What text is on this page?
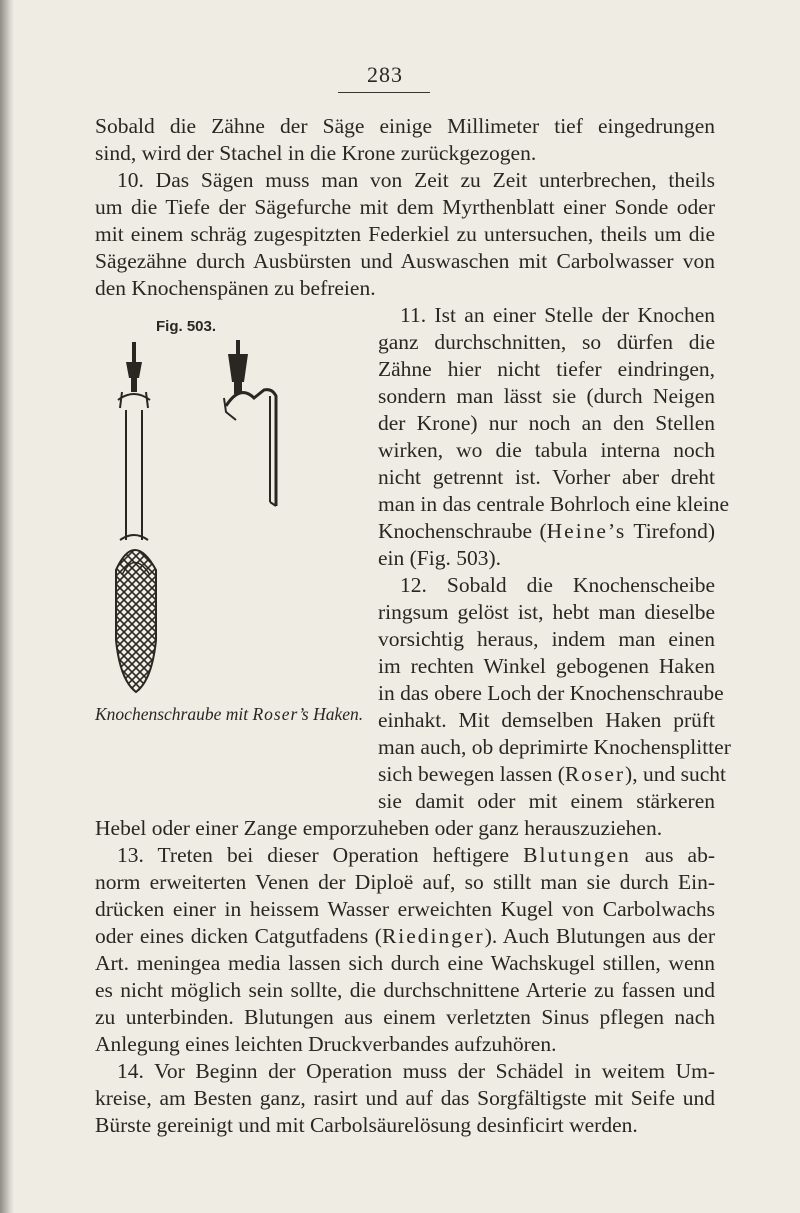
283
Sobald die Zähne der Säge einige Millimeter tief eingedrungen
sind, wird der Stachel in die Krone zurückgezogen.
10. Das Sägen muss man von Zeit zu Zeit unterbrechen, theils
um die Tiefe der Sägefurche mit dem Myrthenblatt einer Sonde oder
mit einem schräg zugespitzten Federkiel zu untersuchen, theils um die
Sägezähne durch Ausbürsten und Auswaschen mit Carbolwasser von
den Knochenspänen zu befreien.
Fig. 503.	11. Ist an einer Stelle der Knochen
ganz durchschnitten, so dürfen die
Zähne hier nicht tiefer eindringen,
sondern man lässt sie (durch Neigen
der Krone) nur noch an den Stellen
wirken, wo die tabula interna noch
nicht getrennt ist. Vorher aber dreht
man in das centrale Bohrloch eine kleine
Knochenschraube (Heine’s Tirefond)
ein (Fig. 503).
12. Sobald die Knochenscheibe
ringsum gelöst ist, hebt man dieselbe
vorsichtig heraus, indem man einen
im rechten Winkel gebogenen Haken
in das obere Loch der Knochenschraube
einhakt. Mit demselben Haken prüft
man auch, ob deprimirte Knochensplitter
Knochenschraube mit Roser’s Haken.
sich bewegen lassen (Roser), und sucht
sie damit oder mit einem stärkeren
Hebel oder einer Zange emporzuheben oder ganz herauszuziehen.
13. Treten bei dieser Operation heftigere Blutungen aus ab-
norm erweiterten Venen der Diploë auf, so stillt man sie durch Ein-
drücken einer in heissem Wasser erweichten Kugel von Carbolwachs
oder eines dicken Catgutfadens (Riedinger). Auch Blutungen aus der
Art. meningea media lassen sich durch eine Wachskugel stillen, wenn
es nicht möglich sein sollte, die durchschnittene Arterie zu fassen und
zu unterbinden. Blutungen aus einem verletzten Sinus pflegen nach
Anlegung eines leichten Druckverbandes aufzuhören.
14. Vor Beginn der Operation muss der Schädel in weitem Um-
kreise, am Besten ganz, rasirt und auf das Sorgfältigste mit Seife und
Bürste gereinigt und mit Carbolsäurelösung desinficirt werden.
